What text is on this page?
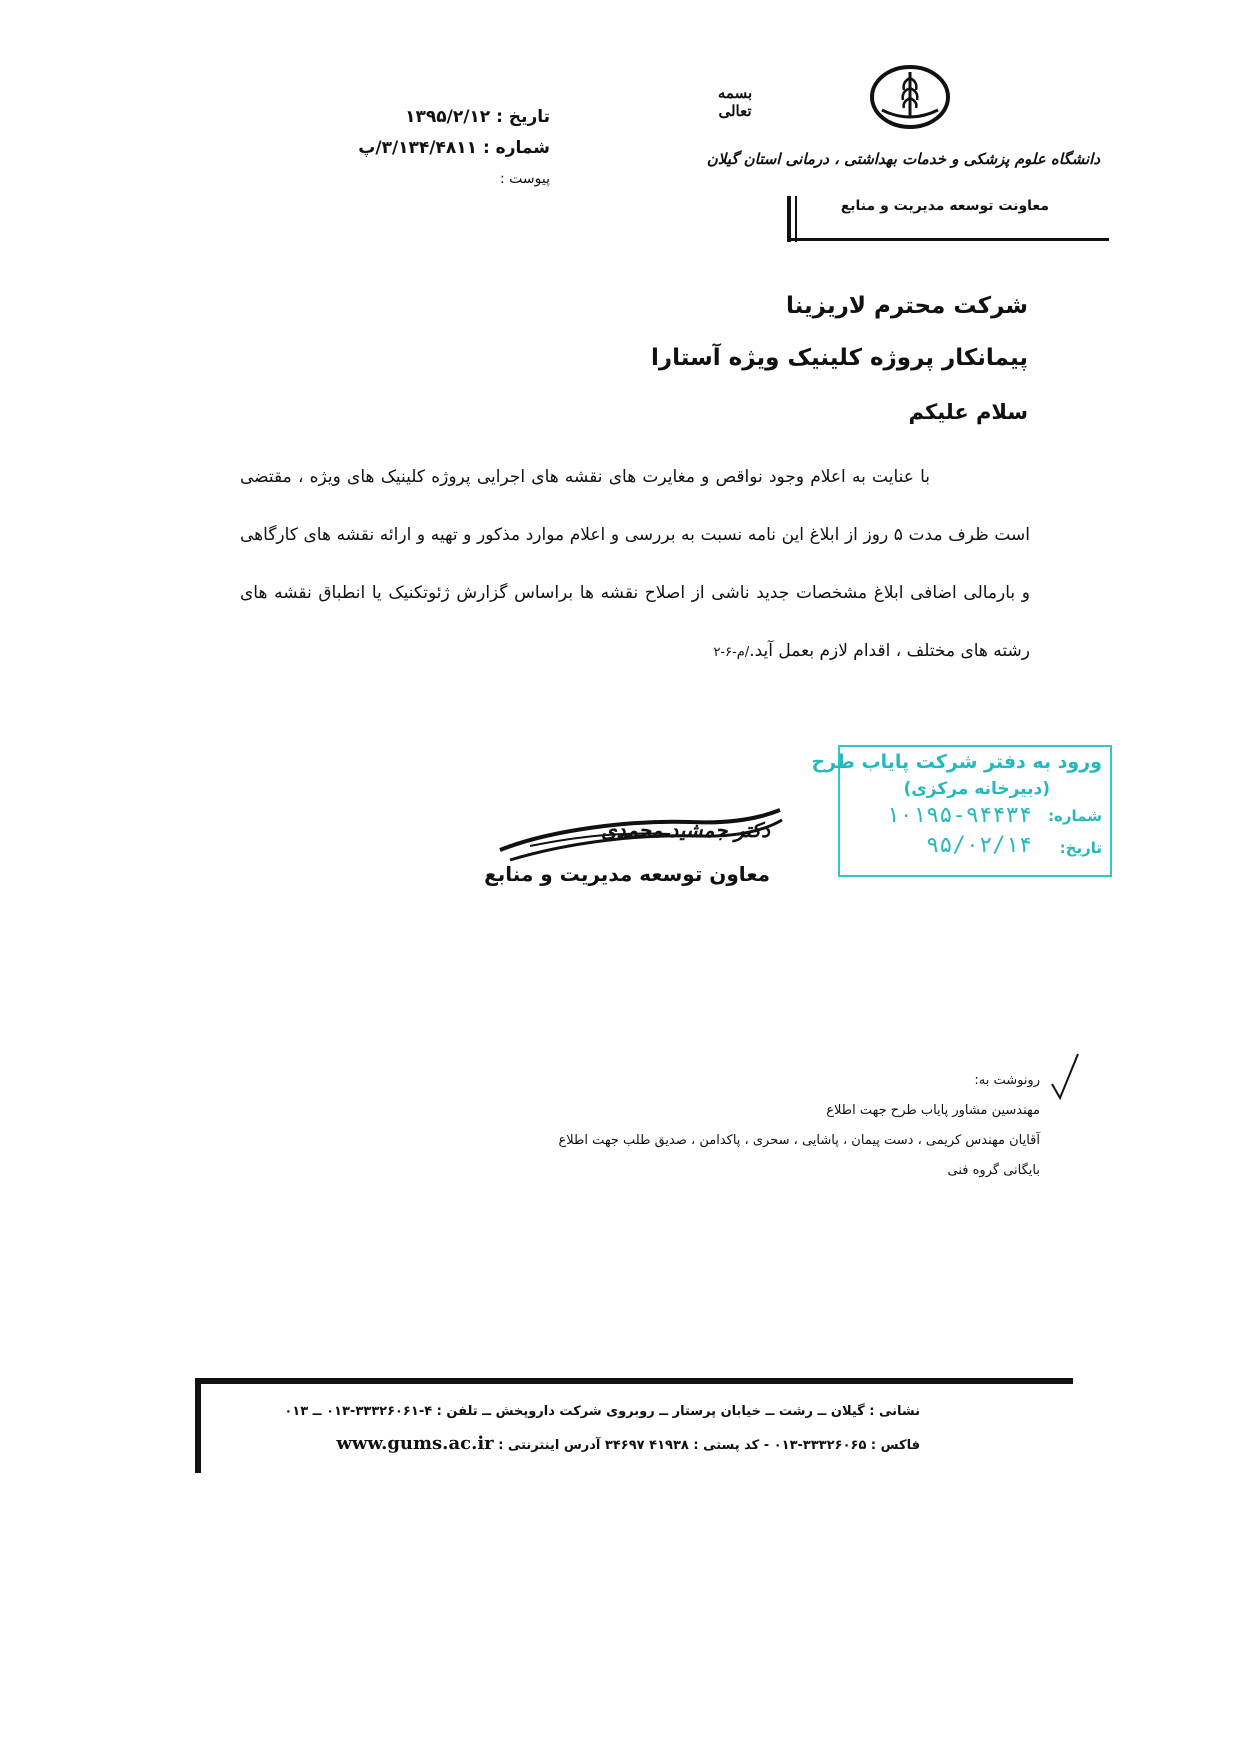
تاریخ : ۱۳۹۵/۲/۱۲
شماره : ۳/۱۳۴/۴۸۱۱/پ
پیوست :
بسمه تعالی
دانشگاه علوم پزشکی و خدمات بهداشتی ، درمانی استان گیلان
معاونت توسعه مدیریت و منابع
شرکت محترم لاریزینا
پیمانکار پروژه کلینیک ویژه آستارا
سلام علیکم
با عنایت به اعلام وجود نواقص و مغایرت های نقشه های اجرایی پروژه کلینیک های ویژه ، مقتضی است ظرف مدت ۵ روز از ابلاغ این نامه نسبت به بررسی و اعلام موارد مذکور و تهیه و ارائه نقشه های کارگاهی و بارمالی اضافی ابلاغ مشخصات جدید ناشی از اصلاح نقشه ها براساس گزارش ژئوتکنیک یا انطباق نقشه های رشته های مختلف ، اقدام لازم بعمل آید./م-۶-۲
ورود به دفتر شرکت پایاب طرح
(دبیرخانه مرکزی)
شماره:
۱۰۱۹۵-۹۴۴۳۴
تاریخ:
۹۵/۰۲/۱۴
دکتر جمشید محمدی
معاون توسعه مدیریت و منابع
رونوشت به:
مهندسین مشاور پایاب طرح جهت اطلاع
آقایان مهندس کریمی ، دست پیمان ، پاشایی ، سحری ، پاکدامن ، صدیق طلب جهت اطلاع
بایگانی گروه فنی
نشانی : گیلان ــ رشت ــ خیابان پرستار ــ روبروی شرکت داروپخش ــ تلفن : ۴-۳۳۳۲۶۰۶۱-۰۱۳ ــ ۰۱۳
فاکس : ۳۳۳۲۶۰۶۵-۰۱۳ - کد پستی : ۴۱۹۳۸ ۳۴۶۹۷ آدرس اینترنتی : www.gums.ac.ir
